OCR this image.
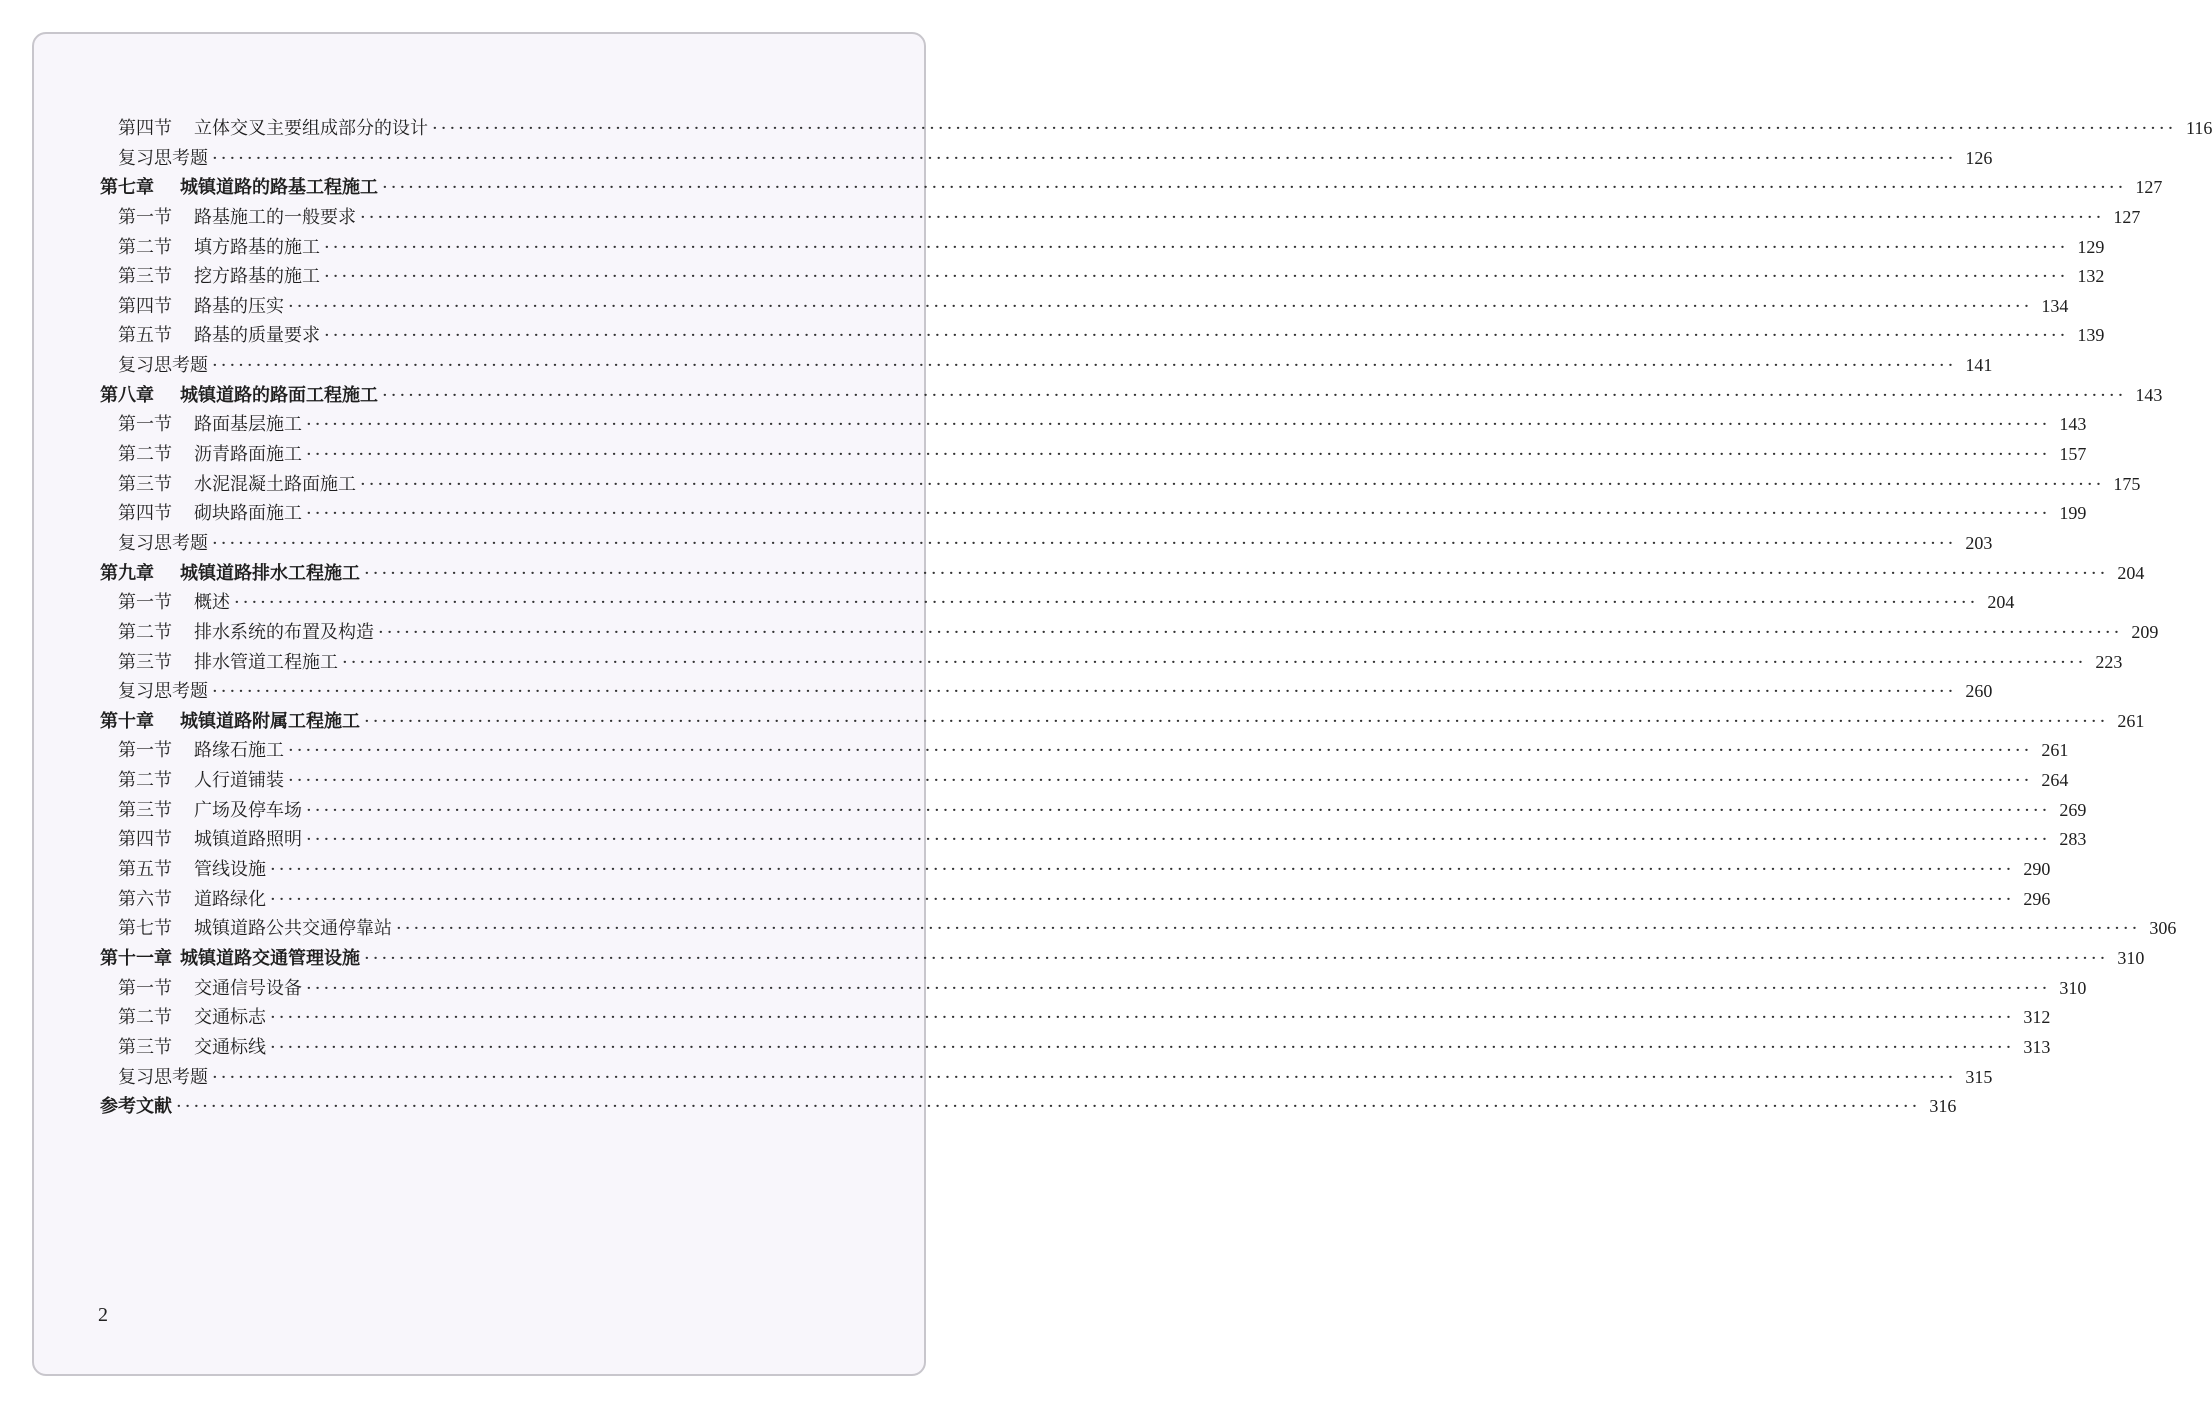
第四节 立体交叉主要组成部分的设计 ········································································································································································································ 116
复习思考题 ········································································································································································································ 126
第七章 城镇道路的路基工程施工 ········································································································································································································ 127
第一节 路基施工的一般要求 ········································································································································································································ 127
第二节 填方路基的施工 ········································································································································································································ 129
第三节 挖方路基的施工 ········································································································································································································ 132
第四节 路基的压实 ········································································································································································································ 134
第五节 路基的质量要求 ········································································································································································································ 139
复习思考题 ········································································································································································································ 141
第八章 城镇道路的路面工程施工 ········································································································································································································ 143
第一节 路面基层施工 ········································································································································································································ 143
第二节 沥青路面施工 ········································································································································································································ 157
第三节 水泥混凝土路面施工 ········································································································································································································ 175
第四节 砌块路面施工 ········································································································································································································ 199
复习思考题 ········································································································································································································ 203
第九章 城镇道路排水工程施工 ········································································································································································································ 204
第一节 概述 ········································································································································································································ 204
第二节 排水系统的布置及构造 ········································································································································································································ 209
第三节 排水管道工程施工 ········································································································································································································ 223
复习思考题 ········································································································································································································ 260
第十章 城镇道路附属工程施工 ········································································································································································································ 261
第一节 路缘石施工 ········································································································································································································ 261
第二节 人行道铺装 ········································································································································································································ 264
第三节 广场及停车场 ········································································································································································································ 269
第四节 城镇道路照明 ········································································································································································································ 283
第五节 管线设施 ········································································································································································································ 290
第六节 道路绿化 ········································································································································································································ 296
第七节 城镇道路公共交通停靠站 ········································································································································································································ 306
第十一章 城镇道路交通管理设施 ········································································································································································································ 310
第一节 交通信号设备 ········································································································································································································ 310
第二节 交通标志 ········································································································································································································ 312
第三节 交通标线 ········································································································································································································ 313
复习思考题 ········································································································································································································ 315
参考文献 ········································································································································································································ 316
2
